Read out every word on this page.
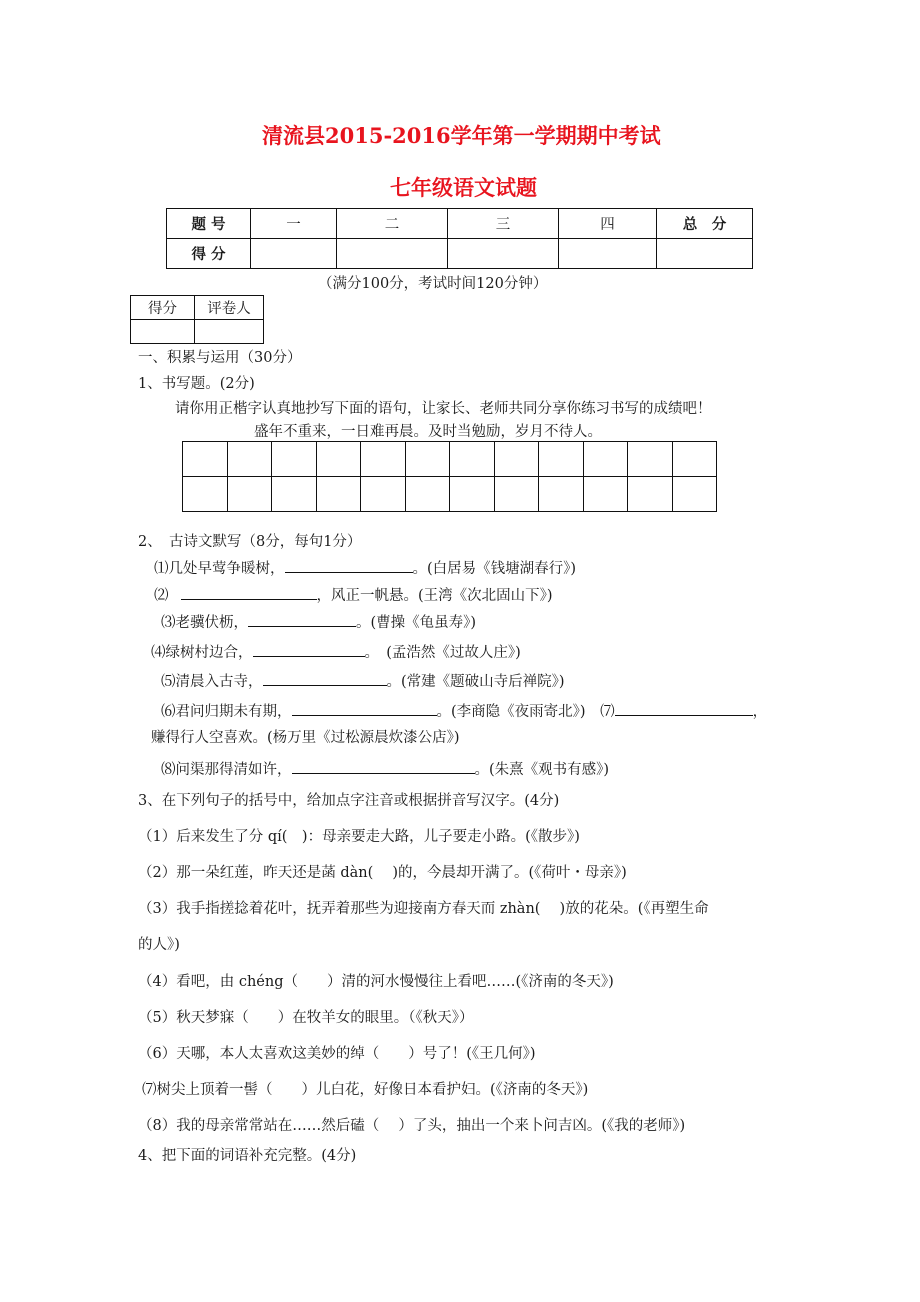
清流县2015-2016学年第一学期期中考试
七年级语文试题
题 号	一	二	三	四	总　分
得 分					
（满分100分，考试时间120分钟）
得分	评卷人

一、积累与运用（30分）
1、书写题。(2分)
请你用正楷字认真地抄写下面的语句，让家长、老师共同分享你练习书写的成绩吧！
盛年不重来，一日难再晨。及时当勉励，岁月不待人。

2、　古诗文默写（8分，每句1分）
⑴几处早莺争暖树，	。(白居易《钱塘湖春行》)
⑵	，风正一帆悬。(王湾《次北固山下》)
⑶老骥伏枥，	。(曹操《龟虽寿》)
⑷绿树村边合，	。　(孟浩然《过故人庄》)
⑸清晨入古寺，	。(常建《题破山寺后禅院》)
⑹君问归期未有期，	。(李商隐《夜雨寄北》)　⑺	，
赚得行人空喜欢。(杨万里《过松源晨炊漆公店》)
⑻问渠那得清如许，	。(朱熹《观书有感》)
3、在下列句子的括号中，给加点字注音或根据拼音写汉字。(4分)
（1）后来发生了分 qí(　)：母亲要走大路，儿子要走小路。(《散步》)
（2）那一朵红莲，昨天还是菡 dàn(　 )的，今晨却开满了。(《荷叶・母亲》)
（3）我手指搓捻着花叶，抚弄着那些为迎接南方春天而 zhàn(　 )放的花朵。(《再塑生命
的人》)
（4）看吧，由 chéng（　　）清的河水慢慢往上看吧……(《济南的冬天》)
（5）秋天梦寐（　　）在牧羊女的眼里。（《秋天》）
（6）天哪，本人太喜欢这美妙的绰（　　）号了！(《王几何》)
⑺树尖上顶着一髻（　　）儿白花，好像日本看护妇。(《济南的冬天》)
（8）我的母亲常常站在……然后磕（　 ）了头，抽出一个来卜问吉凶。(《我的老师》)
4、把下面的词语补充完整。(4分)
